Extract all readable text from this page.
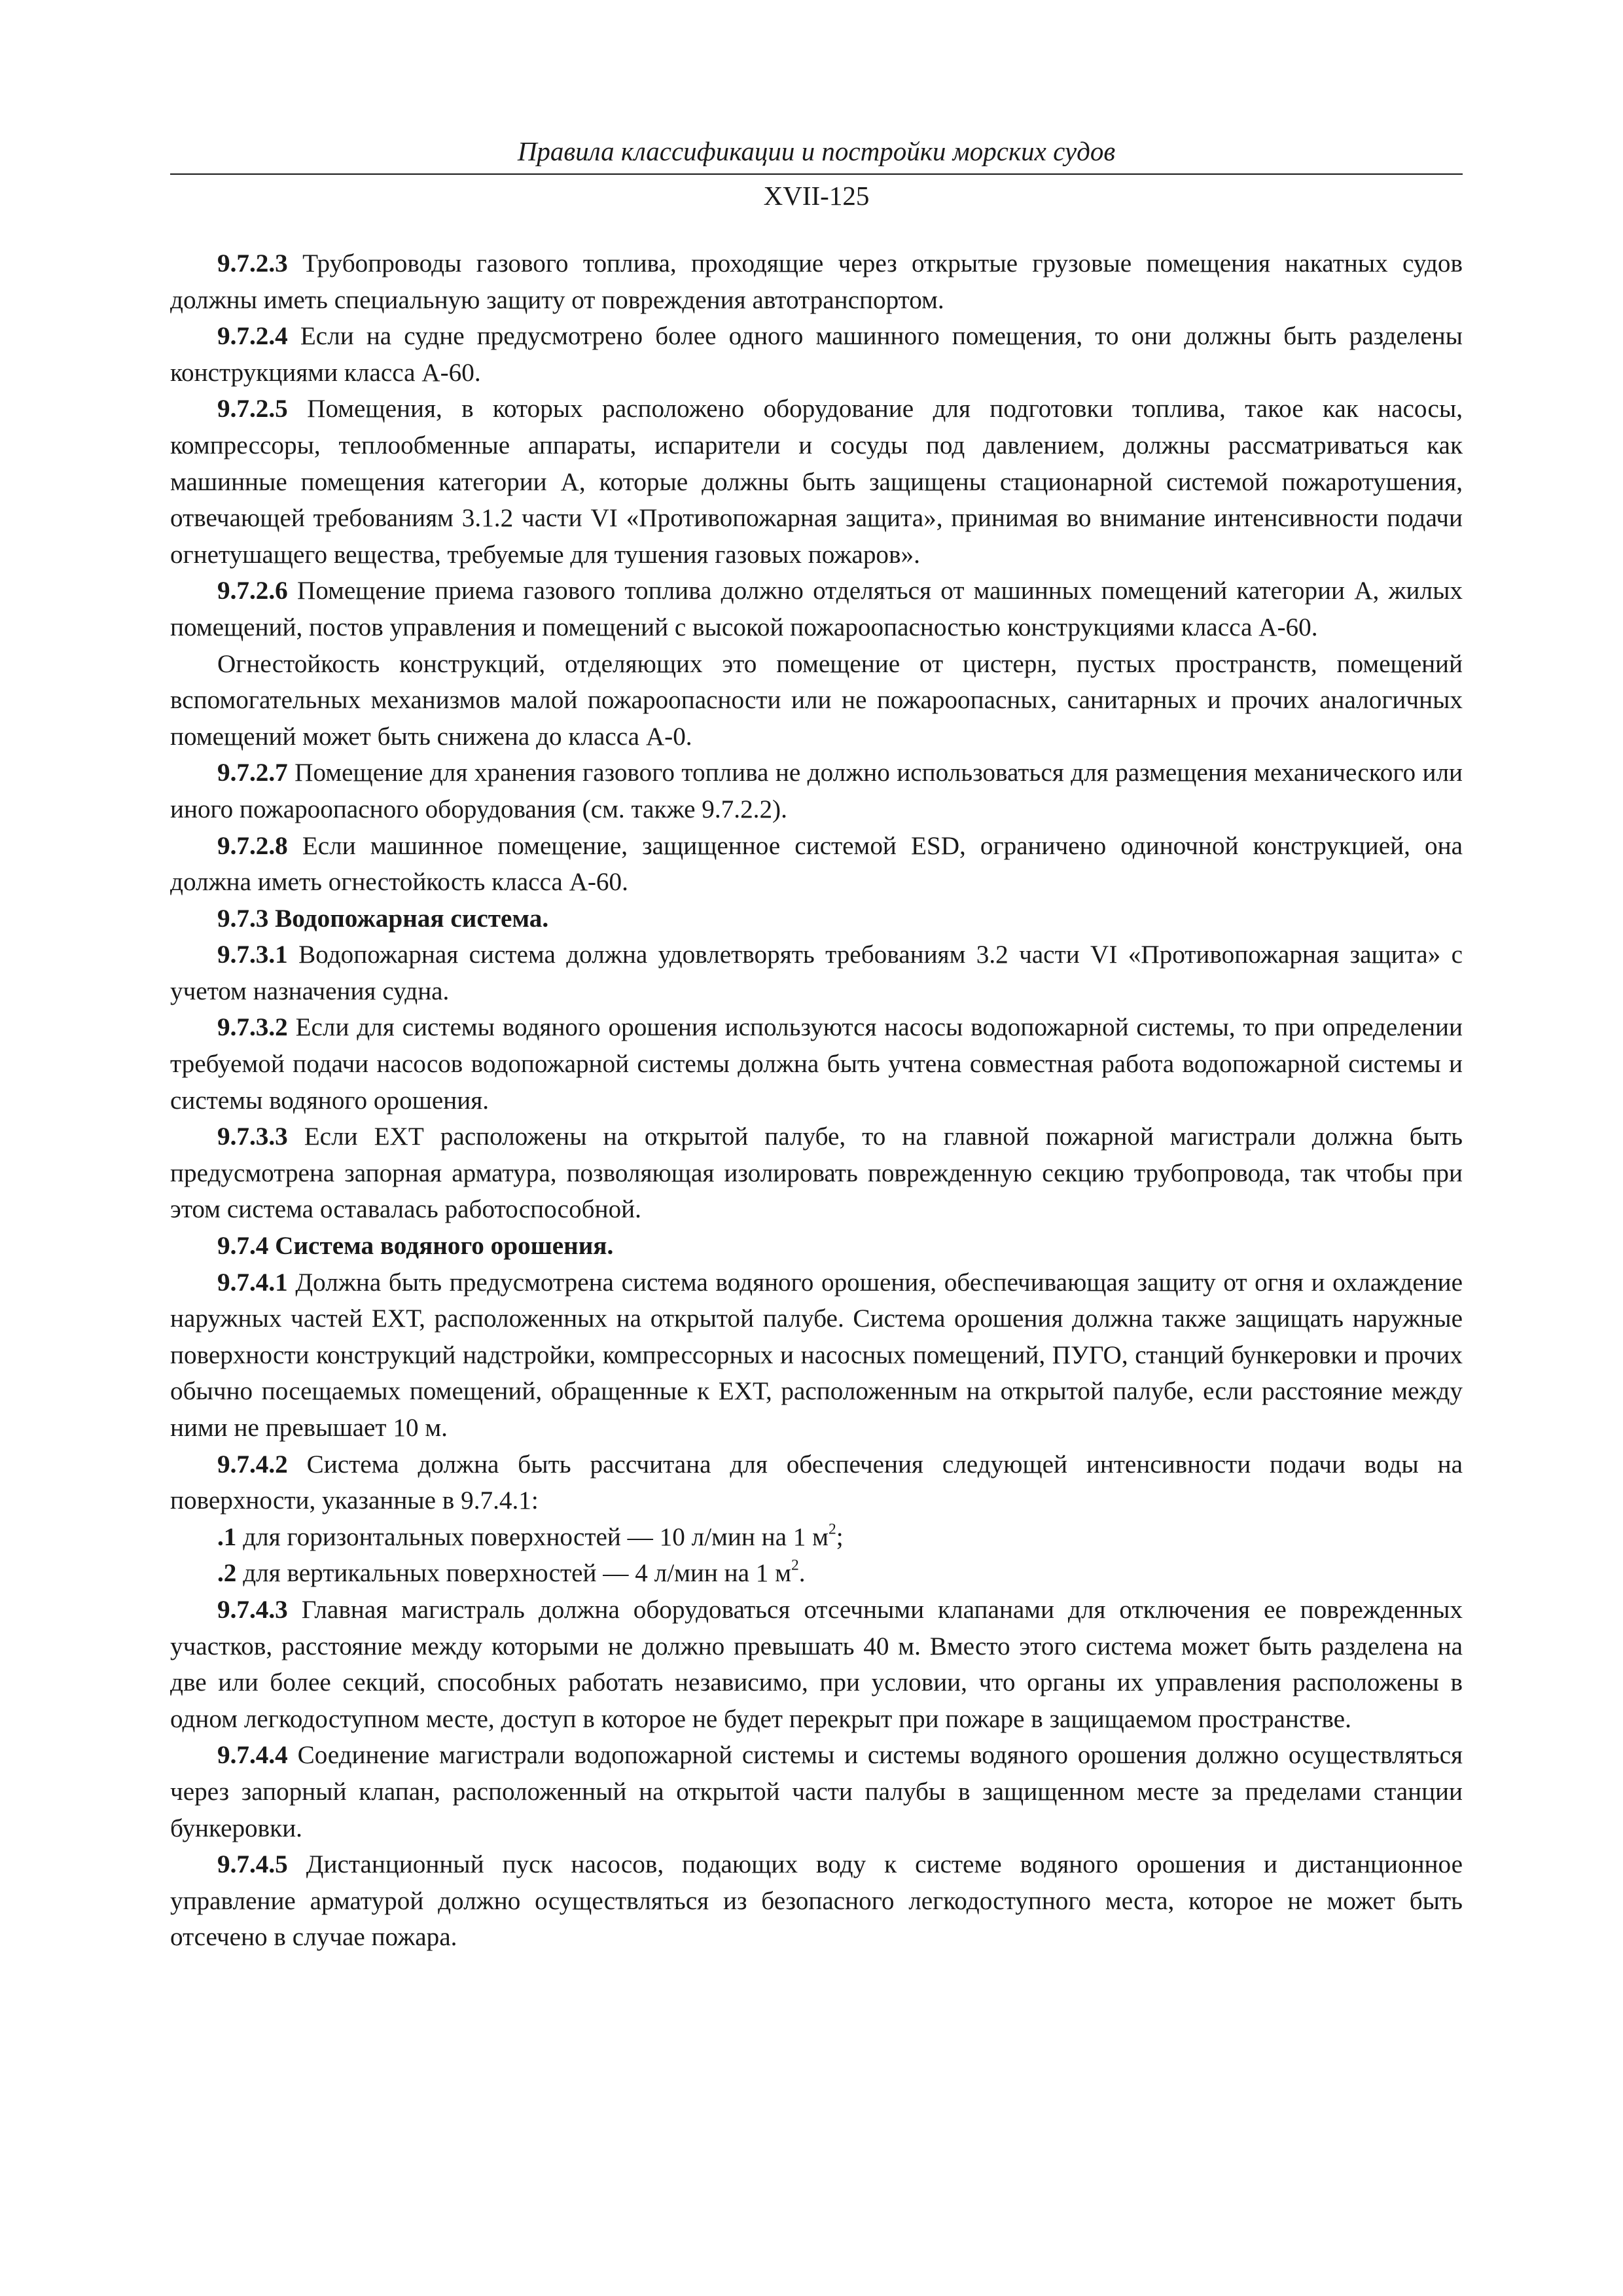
Правила классификации и постройки морских судов
XVII-125

9.7.2.3 Трубопроводы газового топлива, проходящие через открытые грузовые помещения накатных судов должны иметь специальную защиту от повреждения автотранспортом.

9.7.2.4 Если на судне предусмотрено более одного машинного помещения, то они должны быть разделены конструкциями класса А-60.

9.7.2.5 Помещения, в которых расположено оборудование для подготовки топлива, такое как насосы, компрессоры, теплообменные аппараты, испарители и сосуды под давлением, должны рассматриваться как машинные помещения категории А, которые должны быть защищены стационарной системой пожаротушения, отвечающей требованиям 3.1.2 части VI «Противопожарная защита», принимая во внимание интенсивности подачи огнетушащего вещества, требуемые для тушения газовых пожаров».

9.7.2.6 Помещение приема газового топлива должно отделяться от машинных помещений категории А, жилых помещений, постов управления и помещений с высокой пожароопасностью конструкциями класса А-60.

Огнестойкость конструкций, отделяющих это помещение от цистерн, пустых пространств, помещений вспомогательных механизмов малой пожароопасности или не пожароопасных, санитарных и прочих аналогичных помещений может быть снижена до класса А-0.

9.7.2.7 Помещение для хранения газового топлива не должно использоваться для размещения механического или иного пожароопасного оборудования (см. также 9.7.2.2).

9.7.2.8 Если машинное помещение, защищенное системой ESD, ограничено одиночной конструкцией, она должна иметь огнестойкость класса А-60.

9.7.3 Водопожарная система.

9.7.3.1 Водопожарная система должна удовлетворять требованиям 3.2 части VI «Противопожарная защита» с учетом назначения судна.

9.7.3.2 Если для системы водяного орошения используются насосы водопожарной системы, то при определении требуемой подачи насосов водопожарной системы должна быть учтена совместная работа водопожарной системы и системы водяного орошения.

9.7.3.3 Если ЕХТ расположены на открытой палубе, то на главной пожарной магистрали должна быть предусмотрена запорная арматура, позволяющая изолировать поврежденную секцию трубопровода, так чтобы при этом система оставалась работоспособной.

9.7.4 Система водяного орошения.

9.7.4.1 Должна быть предусмотрена система водяного орошения, обеспечивающая защиту от огня и охлаждение наружных частей ЕХТ, расположенных на открытой палубе. Система орошения должна также защищать наружные поверхности конструкций надстройки, компрессорных и насосных помещений, ПУГО, станций бункеровки и прочих обычно посещаемых помещений, обращенные к ЕХТ, расположенным на открытой палубе, если расстояние между ними не превышает 10 м.

9.7.4.2 Система должна быть рассчитана для обеспечения следующей интенсивности подачи воды на поверхности, указанные в 9.7.4.1:

.1 для горизонтальных поверхностей — 10 л/мин на 1 $м^2$;

.2 для вертикальных поверхностей — 4 л/мин на 1 $м^2$.

9.7.4.3 Главная магистраль должна оборудоваться отсечными клапанами для отключения ее поврежденных участков, расстояние между которыми не должно превышать 40 м. Вместо этого система может быть разделена на две или более секций, способных работать независимо, при условии, что органы их управления расположены в одном легкодоступном месте, доступ в которое не будет перекрыт при пожаре в защищаемом пространстве.

9.7.4.4 Соединение магистрали водопожарной системы и системы водяного орошения должно осуществляться через запорный клапан, расположенный на открытой части палубы в защищенном месте за пределами станции бункеровки.

9.7.4.5 Дистанционный пуск насосов, подающих воду к системе водяного орошения и дистанционное управление арматурой должно осуществляться из безопасного легкодоступного места, которое не может быть отсечено в случае пожара.
